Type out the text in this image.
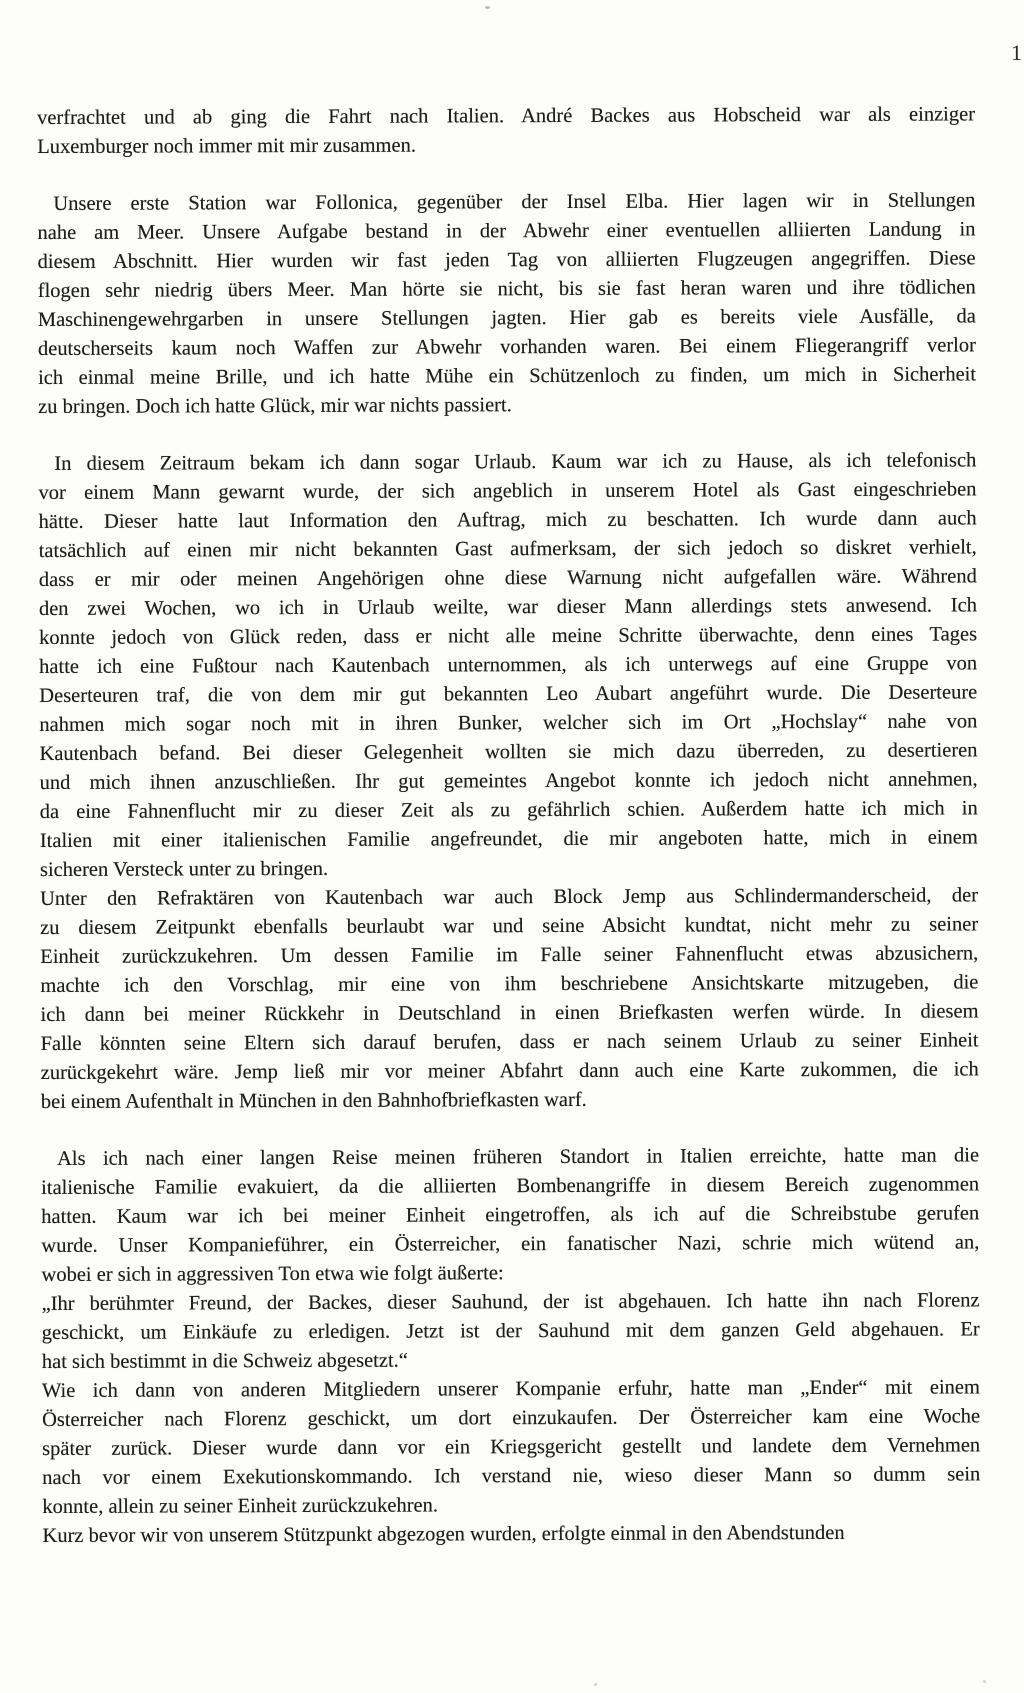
1
verfrachtet und ab ging die Fahrt nach Italien. André Backes aus Hobscheid war als einziger
Luxemburger noch immer mit mir zusammen.
Unsere erste Station war Follonica, gegenüber der Insel Elba. Hier lagen wir in Stellungen
nahe am Meer. Unsere Aufgabe bestand in der Abwehr einer eventuellen alliierten Landung in
diesem Abschnitt. Hier wurden wir fast jeden Tag von alliierten Flugzeugen angegriffen. Diese
flogen sehr niedrig übers Meer. Man hörte sie nicht, bis sie fast heran waren und ihre tödlichen
Maschinengewehrgarben in unsere Stellungen jagten. Hier gab es bereits viele Ausfälle, da
deutscherseits kaum noch Waffen zur Abwehr vorhanden waren. Bei einem Fliegerangriff verlor
ich einmal meine Brille, und ich hatte Mühe ein Schützenloch zu finden, um mich in Sicherheit
zu bringen. Doch ich hatte Glück, mir war nichts passiert.
In diesem Zeitraum bekam ich dann sogar Urlaub. Kaum war ich zu Hause, als ich telefonisch
vor einem Mann gewarnt wurde, der sich angeblich in unserem Hotel als Gast eingeschrieben
hätte. Dieser hatte laut Information den Auftrag, mich zu beschatten. Ich wurde dann auch
tatsächlich auf einen mir nicht bekannten Gast aufmerksam, der sich jedoch so diskret verhielt,
dass er mir oder meinen Angehörigen ohne diese Warnung nicht aufgefallen wäre. Während
den zwei Wochen, wo ich in Urlaub weilte, war dieser Mann allerdings stets anwesend. Ich
konnte jedoch von Glück reden, dass er nicht alle meine Schritte überwachte, denn eines Tages
hatte ich eine Fußtour nach Kautenbach unternommen, als ich unterwegs auf eine Gruppe von
Deserteuren traf, die von dem mir gut bekannten Leo Aubart angeführt wurde. Die Deserteure
nahmen mich sogar noch mit in ihren Bunker, welcher sich im Ort „Hochslay“ nahe von
Kautenbach befand. Bei dieser Gelegenheit wollten sie mich dazu überreden, zu desertieren
und mich ihnen anzuschließen. Ihr gut gemeintes Angebot konnte ich jedoch nicht annehmen,
da eine Fahnenflucht mir zu dieser Zeit als zu gefährlich schien. Außerdem hatte ich mich in
Italien mit einer italienischen Familie angefreundet, die mir angeboten hatte, mich in einem
sicheren Versteck unter zu bringen.
Unter den Refraktären von Kautenbach war auch Block Jemp aus Schlindermanderscheid, der
zu diesem Zeitpunkt ebenfalls beurlaubt war und seine Absicht kundtat, nicht mehr zu seiner
Einheit zurückzukehren. Um dessen Familie im Falle seiner Fahnenflucht etwas abzusichern,
machte ich den Vorschlag, mir eine von ihm beschriebene Ansichtskarte mitzugeben, die
ich dann bei meiner Rückkehr in Deutschland in einen Briefkasten werfen würde. In diesem
Falle könnten seine Eltern sich darauf berufen, dass er nach seinem Urlaub zu seiner Einheit
zurückgekehrt wäre. Jemp ließ mir vor meiner Abfahrt dann auch eine Karte zukommen, die ich
bei einem Aufenthalt in München in den Bahnhofbriefkasten warf.
Als ich nach einer langen Reise meinen früheren Standort in Italien erreichte, hatte man die
italienische Familie evakuiert, da die alliierten Bombenangriffe in diesem Bereich zugenommen
hatten. Kaum war ich bei meiner Einheit eingetroffen, als ich auf die Schreibstube gerufen
wurde. Unser Kompanieführer, ein Österreicher, ein fanatischer Nazi, schrie mich wütend an,
wobei er sich in aggressiven Ton etwa wie folgt äußerte:
„Ihr berühmter Freund, der Backes, dieser Sauhund, der ist abgehauen. Ich hatte ihn nach Florenz
geschickt, um Einkäufe zu erledigen. Jetzt ist der Sauhund mit dem ganzen Geld abgehauen. Er
hat sich bestimmt in die Schweiz abgesetzt.“
Wie ich dann von anderen Mitgliedern unserer Kompanie erfuhr, hatte man „Ender“ mit einem
Österreicher nach Florenz geschickt, um dort einzukaufen. Der Österreicher kam eine Woche
später zurück. Dieser wurde dann vor ein Kriegsgericht gestellt und landete dem Vernehmen
nach vor einem Exekutionskommando. Ich verstand nie, wieso dieser Mann so dumm sein
konnte, allein zu seiner Einheit zurückzukehren.
Kurz bevor wir von unserem Stützpunkt abgezogen wurden, erfolgte einmal in den Abendstunden
